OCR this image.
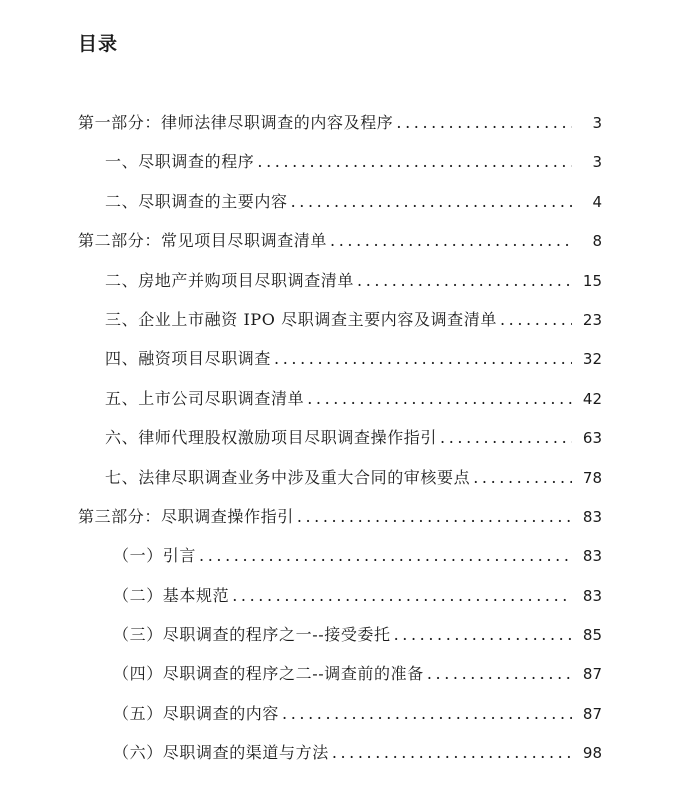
目录
第一部分：律师法律尽职调查的内容及程序 .....	3
一、尽职调查的程序 .....	3
二、尽职调查的主要内容 .....	4
第二部分：常见项目尽职调查清单 .....	8
二、房地产并购项目尽职调查清单 .....	15
三、企业上市融资 IPO 尽职调查主要内容及调查清单 .....	23
四、融资项目尽职调查 .....	32
五、上市公司尽职调查清单 .....	42
六、律师代理股权激励项目尽职调查操作指引 .....	63
七、法律尽职调查业务中涉及重大合同的审核要点 .....	78
第三部分：尽职调查操作指引 .....	83
（一）引言 .....	83
（二）基本规范 .....	83
（三）尽职调查的程序之一--接受委托 .....	85
（四）尽职调查的程序之二--调查前的准备 .....	87
（五）尽职调查的内容 .....	87
（六）尽职调查的渠道与方法 .....	98
